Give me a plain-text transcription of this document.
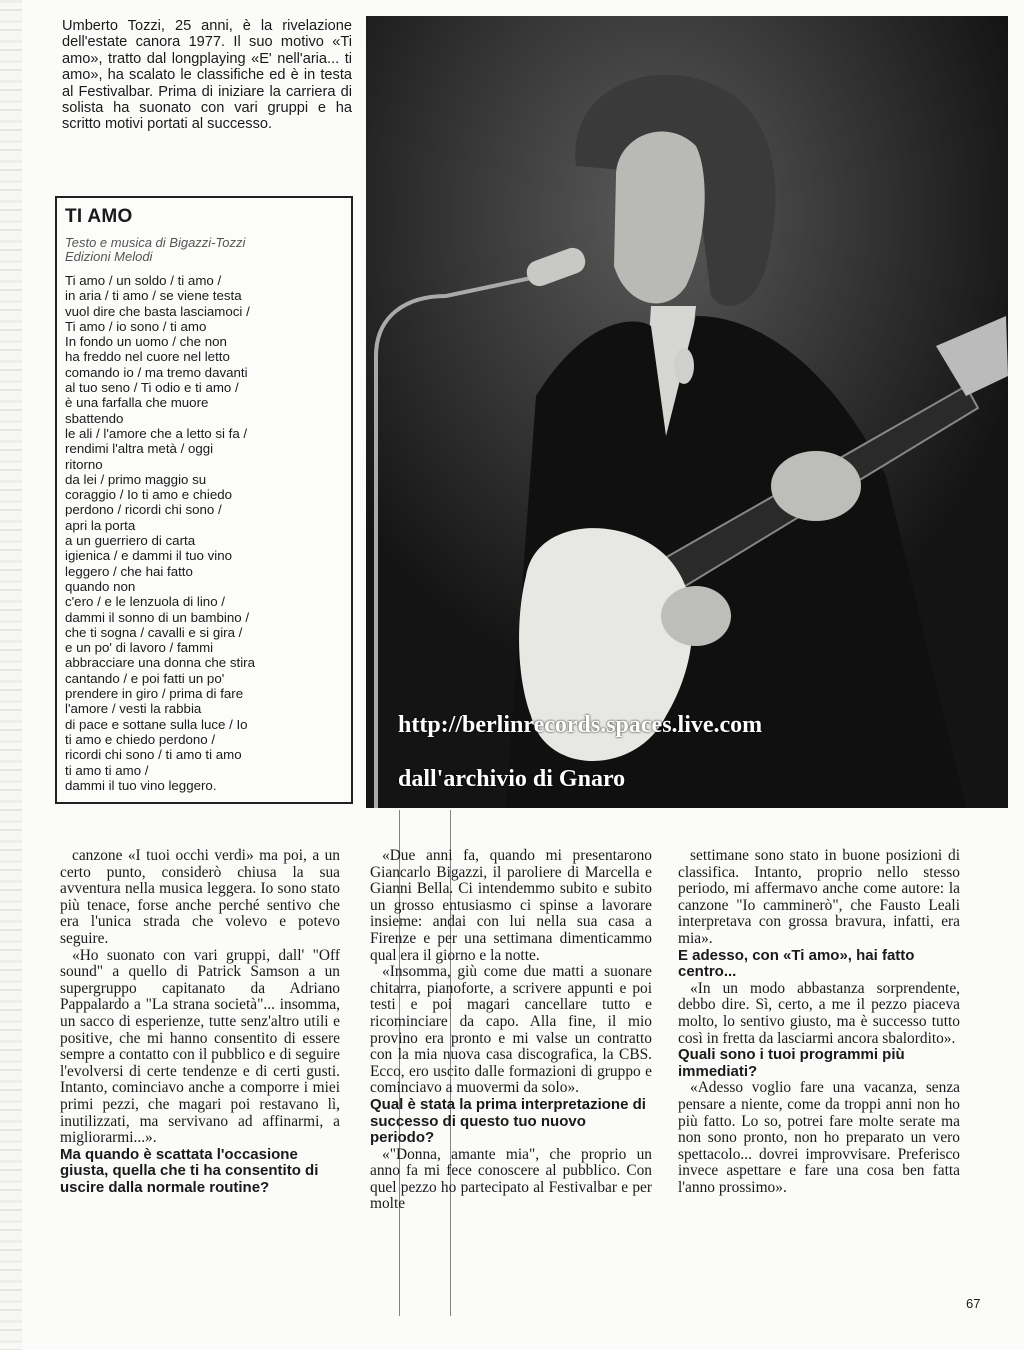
Umberto Tozzi, 25 anni, è la rivelazione dell'estate canora 1977. Il suo motivo «Ti amo», tratto dal longplaying «E' nell'aria... ti amo», ha scalato le classifiche ed è in testa al Festivalbar. Prima di iniziare la carriera di solista ha suonato con vari gruppi e ha scritto motivi portati al successo.

TI AMO
Testo e musica di Bigazzi-Tozzi
Edizioni Melodi
Ti amo / un soldo / ti amo /
in aria / ti amo / se viene testa
vuol dire che basta lasciamoci /
Ti amo / io sono / ti amo
In fondo un uomo / che non
ha freddo nel cuore nel letto
comando io / ma tremo davanti
al tuo seno / Ti odio e ti amo /
è una farfalla che muore
sbattendo
le ali / l'amore che a letto si fa /
rendimi l'altra metà / oggi
ritorno
da lei / primo maggio su
coraggio / Io ti amo e chiedo
perdono / ricordi chi sono /
apri la porta
a un guerriero di carta
igienica / e dammi il tuo vino
leggero / che hai fatto
quando non
c'ero / e le lenzuola di lino /
dammi il sonno di un bambino /
che ti sogna / cavalli e si gira /
e un po' di lavoro / fammi
abbracciare una donna che stira
cantando / e poi fatti un po'
prendere in giro / prima di fare
l'amore / vesti la rabbia
di pace e sottane sulla luce / Io
ti amo e chiedo perdono /
ricordi chi sono / ti amo ti amo
ti amo ti amo /
dammi il tuo vino leggero.
http://berlinrecords.spaces.live.com
dall'archivio di Gnaro

canzone «I tuoi occhi verdi» ma poi, a un certo punto, considerò chiusa la sua avventura nella musica leggera. Io sono stato più tenace, forse anche perché sentivo che era l'unica strada che volevo e potevo seguire.

«Ho suonato con vari gruppi, dall' "Off sound" a quello di Patrick Samson a un supergruppo capitanato da Adriano Pappalardo a "La strana società"... insomma, un sacco di esperienze, tutte senz'altro utili e positive, che mi hanno consentito di essere sempre a contatto con il pubblico e di seguire l'evolversi di certe tendenze e di certi gusti. Intanto, cominciavo anche a comporre i miei primi pezzi, che magari poi restavano lì, inutilizzati, ma servivano ad affinarmi, a migliorarmi...».

Ma quando è scattata l'occasione giusta, quella che ti ha consentito di uscire dalla normale routine?

«Due anni fa, quando mi presentarono Giancarlo Bigazzi, il paroliere di Marcella e Gianni Bella. Ci intendemmo subito e subito un grosso entusiasmo ci spinse a lavorare insieme: andai con lui nella sua casa a Firenze e per una settimana dimenticammo qual era il giorno e la notte.

«Insomma, giù come due matti a suonare chitarra, pianoforte, a scrivere appunti e poi testi e poi magari cancellare tutto e ricominciare da capo. Alla fine, il mio provino era pronto e mi valse un contratto con la mia nuova casa discografica, la CBS. Ecco, ero uscito dalle formazioni di gruppo e cominciavo a muovermi da solo».

Qual è stata la prima interpretazione di successo di questo tuo nuovo periodo?

«"Donna, amante mia", che proprio un anno fa mi fece conoscere al pubblico. Con quel pezzo ho partecipato al Festivalbar e per molte

settimane sono stato in buone posizioni di classifica. Intanto, proprio nello stesso periodo, mi affermavo anche come autore: la canzone "Io camminerò", che Fausto Leali interpretava con grossa bravura, infatti, era mia».

E adesso, con «Ti amo», hai fatto centro...

«In un modo abbastanza sorprendente, debbo dire. Sì, certo, a me il pezzo piaceva molto, lo sentivo giusto, ma è successo tutto così in fretta da lasciarmi ancora sbalordito».

Quali sono i tuoi programmi più immediati?

«Adesso voglio fare una vacanza, senza pensare a niente, come da troppi anni non ho più fatto. Lo so, potrei fare molte serate ma non sono pronto, non ho preparato un vero spettacolo... dovrei improvvisare. Preferisco invece aspettare e fare una cosa ben fatta l'anno prossimo».

67
